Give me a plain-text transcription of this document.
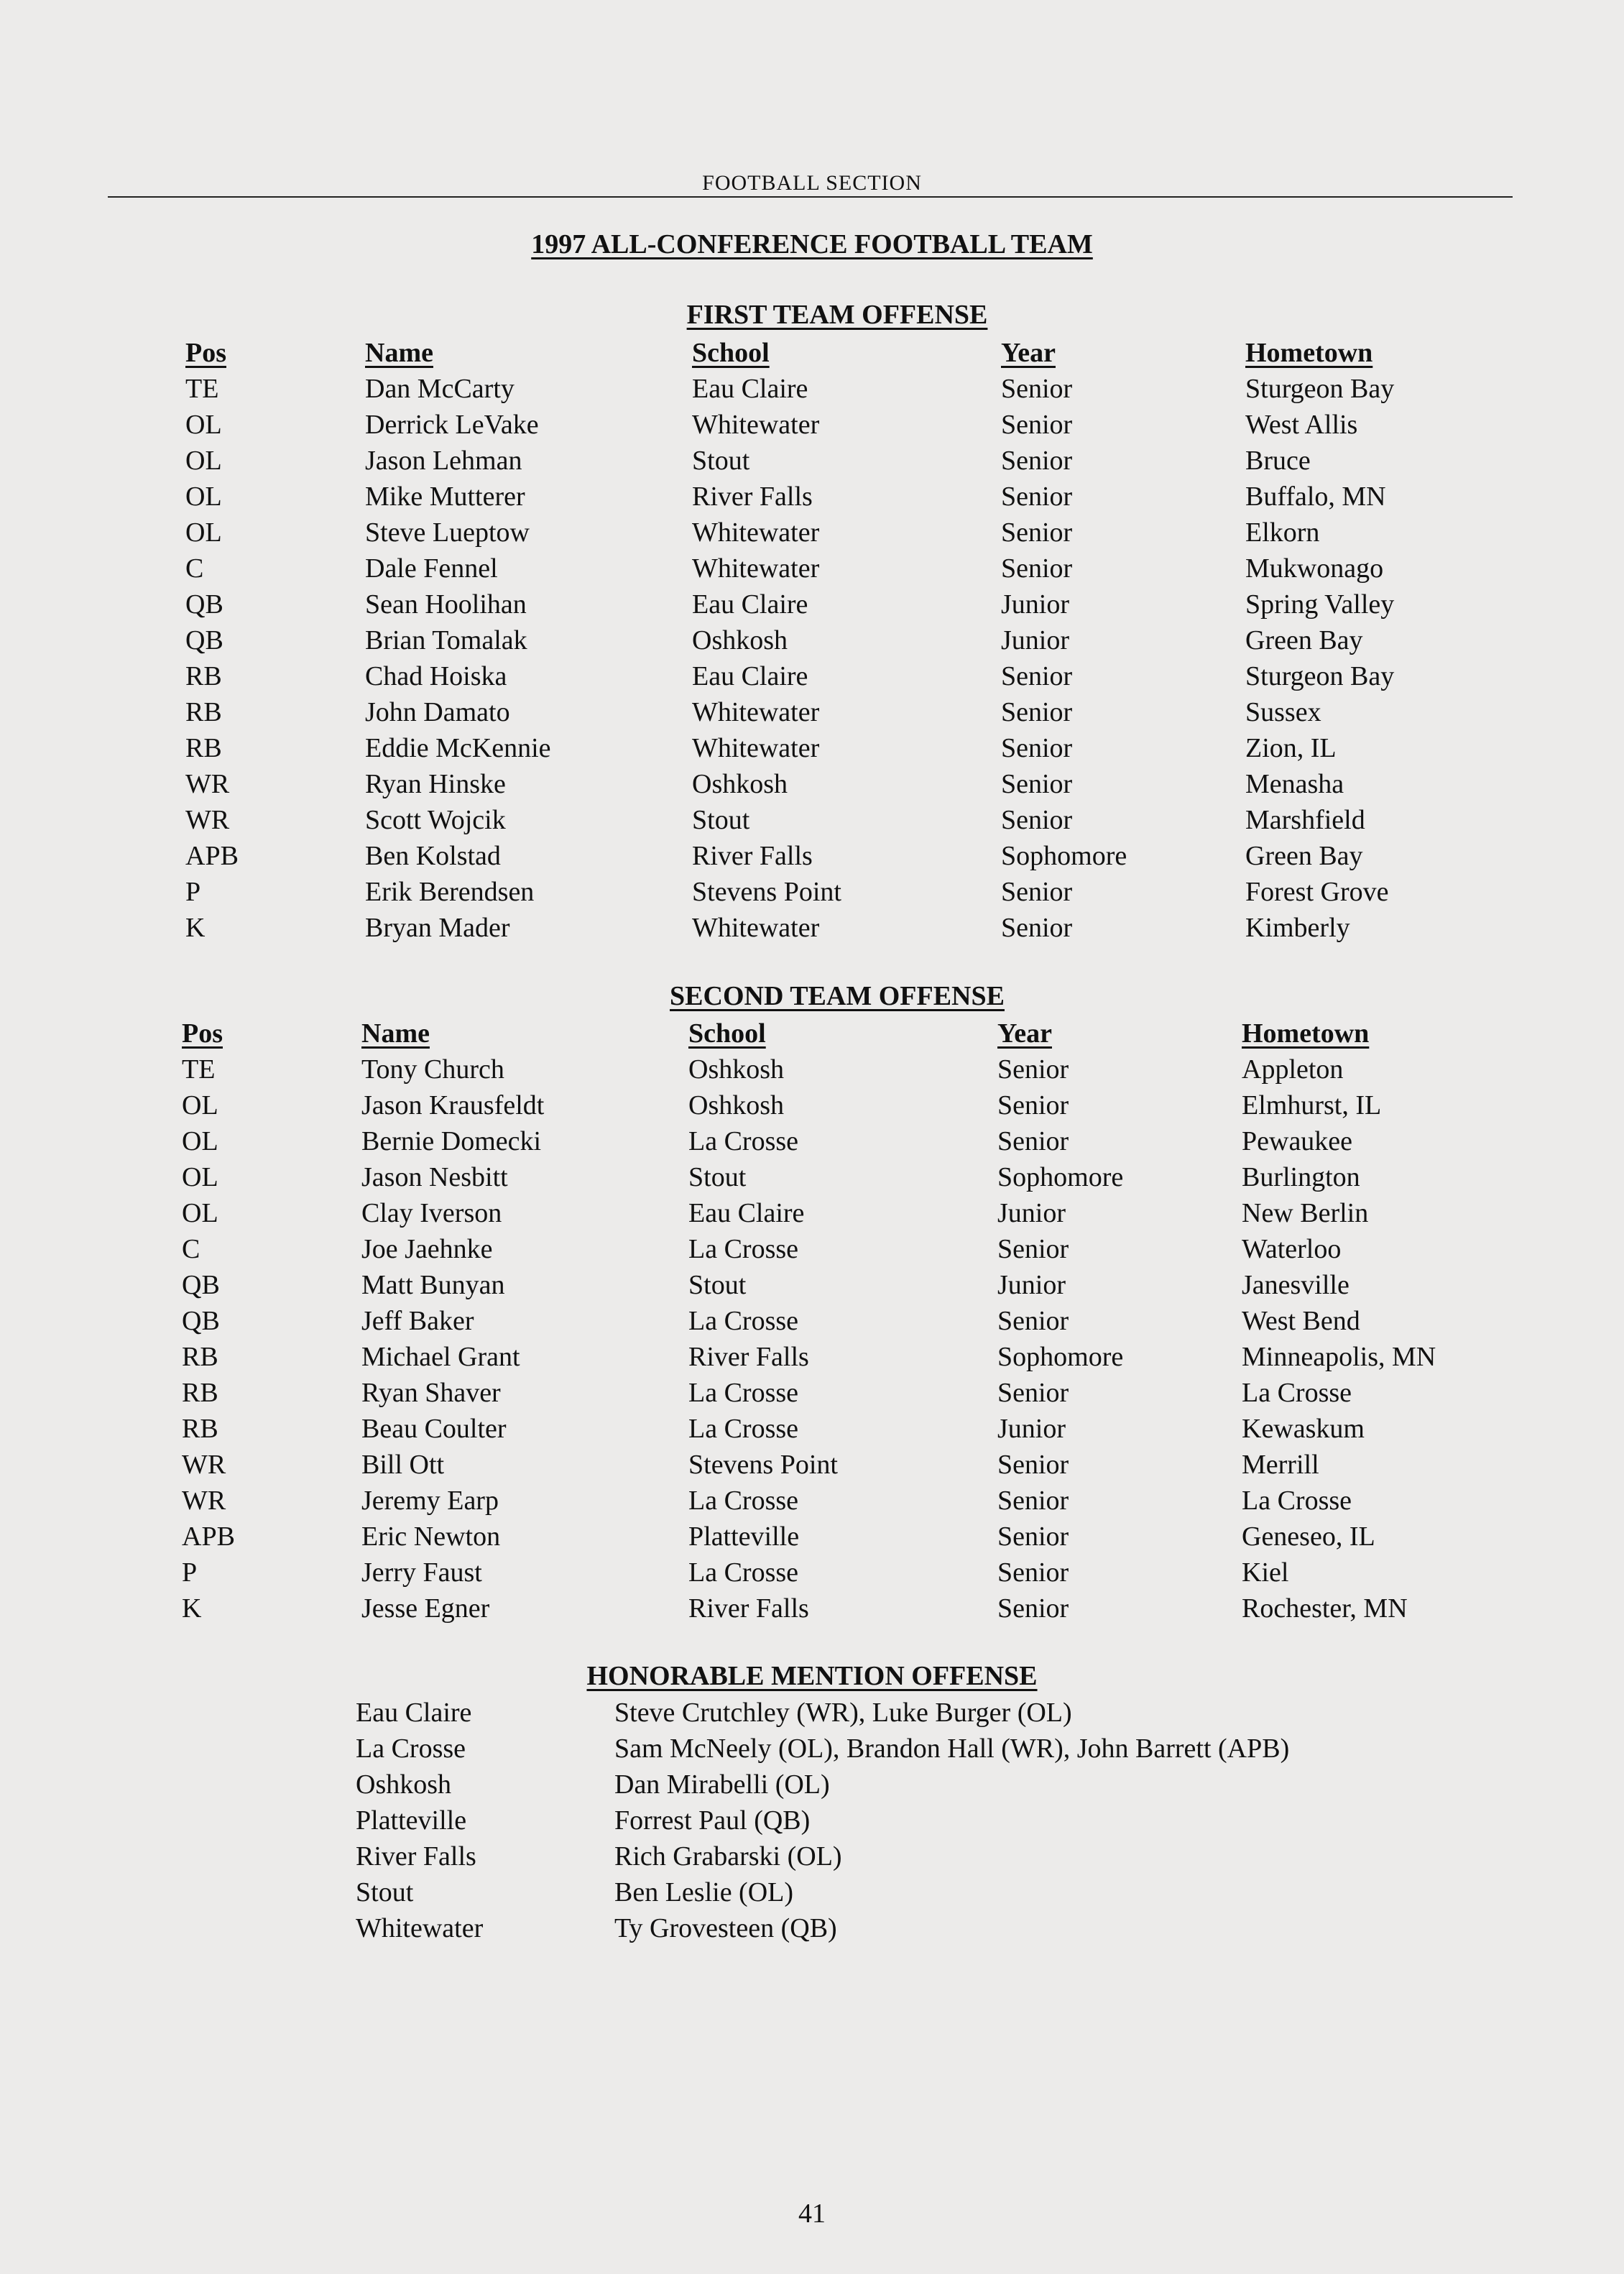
FOOTBALL SECTION
1997 ALL-CONFERENCE FOOTBALL TEAM
FIRST TEAM OFFENSE
Pos	Name	School	Year	Hometown
TE	Dan McCarty	Eau Claire	Senior	Sturgeon Bay
OL	Derrick LeVake	Whitewater	Senior	West Allis
OL	Jason Lehman	Stout	Senior	Bruce
OL	Mike Mutterer	River Falls	Senior	Buffalo, MN
OL	Steve Lueptow	Whitewater	Senior	Elkorn
C	Dale Fennel	Whitewater	Senior	Mukwonago
QB	Sean Hoolihan	Eau Claire	Junior	Spring Valley
QB	Brian Tomalak	Oshkosh	Junior	Green Bay
RB	Chad Hoiska	Eau Claire	Senior	Sturgeon Bay
RB	John Damato	Whitewater	Senior	Sussex
RB	Eddie McKennie	Whitewater	Senior	Zion, IL
WR	Ryan Hinske	Oshkosh	Senior	Menasha
WR	Scott Wojcik	Stout	Senior	Marshfield
APB	Ben Kolstad	River Falls	Sophomore	Green Bay
P	Erik Berendsen	Stevens Point	Senior	Forest Grove
K	Bryan Mader	Whitewater	Senior	Kimberly
SECOND TEAM OFFENSE
Pos	Name	School	Year	Hometown
TE	Tony Church	Oshkosh	Senior	Appleton
OL	Jason Krausfeldt	Oshkosh	Senior	Elmhurst, IL
OL	Bernie Domecki	La Crosse	Senior	Pewaukee
OL	Jason Nesbitt	Stout	Sophomore	Burlington
OL	Clay Iverson	Eau Claire	Junior	New Berlin
C	Joe Jaehnke	La Crosse	Senior	Waterloo
QB	Matt Bunyan	Stout	Junior	Janesville
QB	Jeff Baker	La Crosse	Senior	West Bend
RB	Michael Grant	River Falls	Sophomore	Minneapolis, MN
RB	Ryan Shaver	La Crosse	Senior	La Crosse
RB	Beau Coulter	La Crosse	Junior	Kewaskum
WR	Bill Ott	Stevens Point	Senior	Merrill
WR	Jeremy Earp	La Crosse	Senior	La Crosse
APB	Eric Newton	Platteville	Senior	Geneseo, IL
P	Jerry Faust	La Crosse	Senior	Kiel
K	Jesse Egner	River Falls	Senior	Rochester, MN
HONORABLE MENTION OFFENSE
Eau Claire	Steve Crutchley (WR), Luke Burger (OL)
La Crosse	Sam McNeely (OL), Brandon Hall (WR), John Barrett (APB)
Oshkosh	Dan Mirabelli (OL)
Platteville	Forrest Paul (QB)
River Falls	Rich Grabarski (OL)
Stout	Ben Leslie (OL)
Whitewater	Ty Grovesteen (QB)
41
